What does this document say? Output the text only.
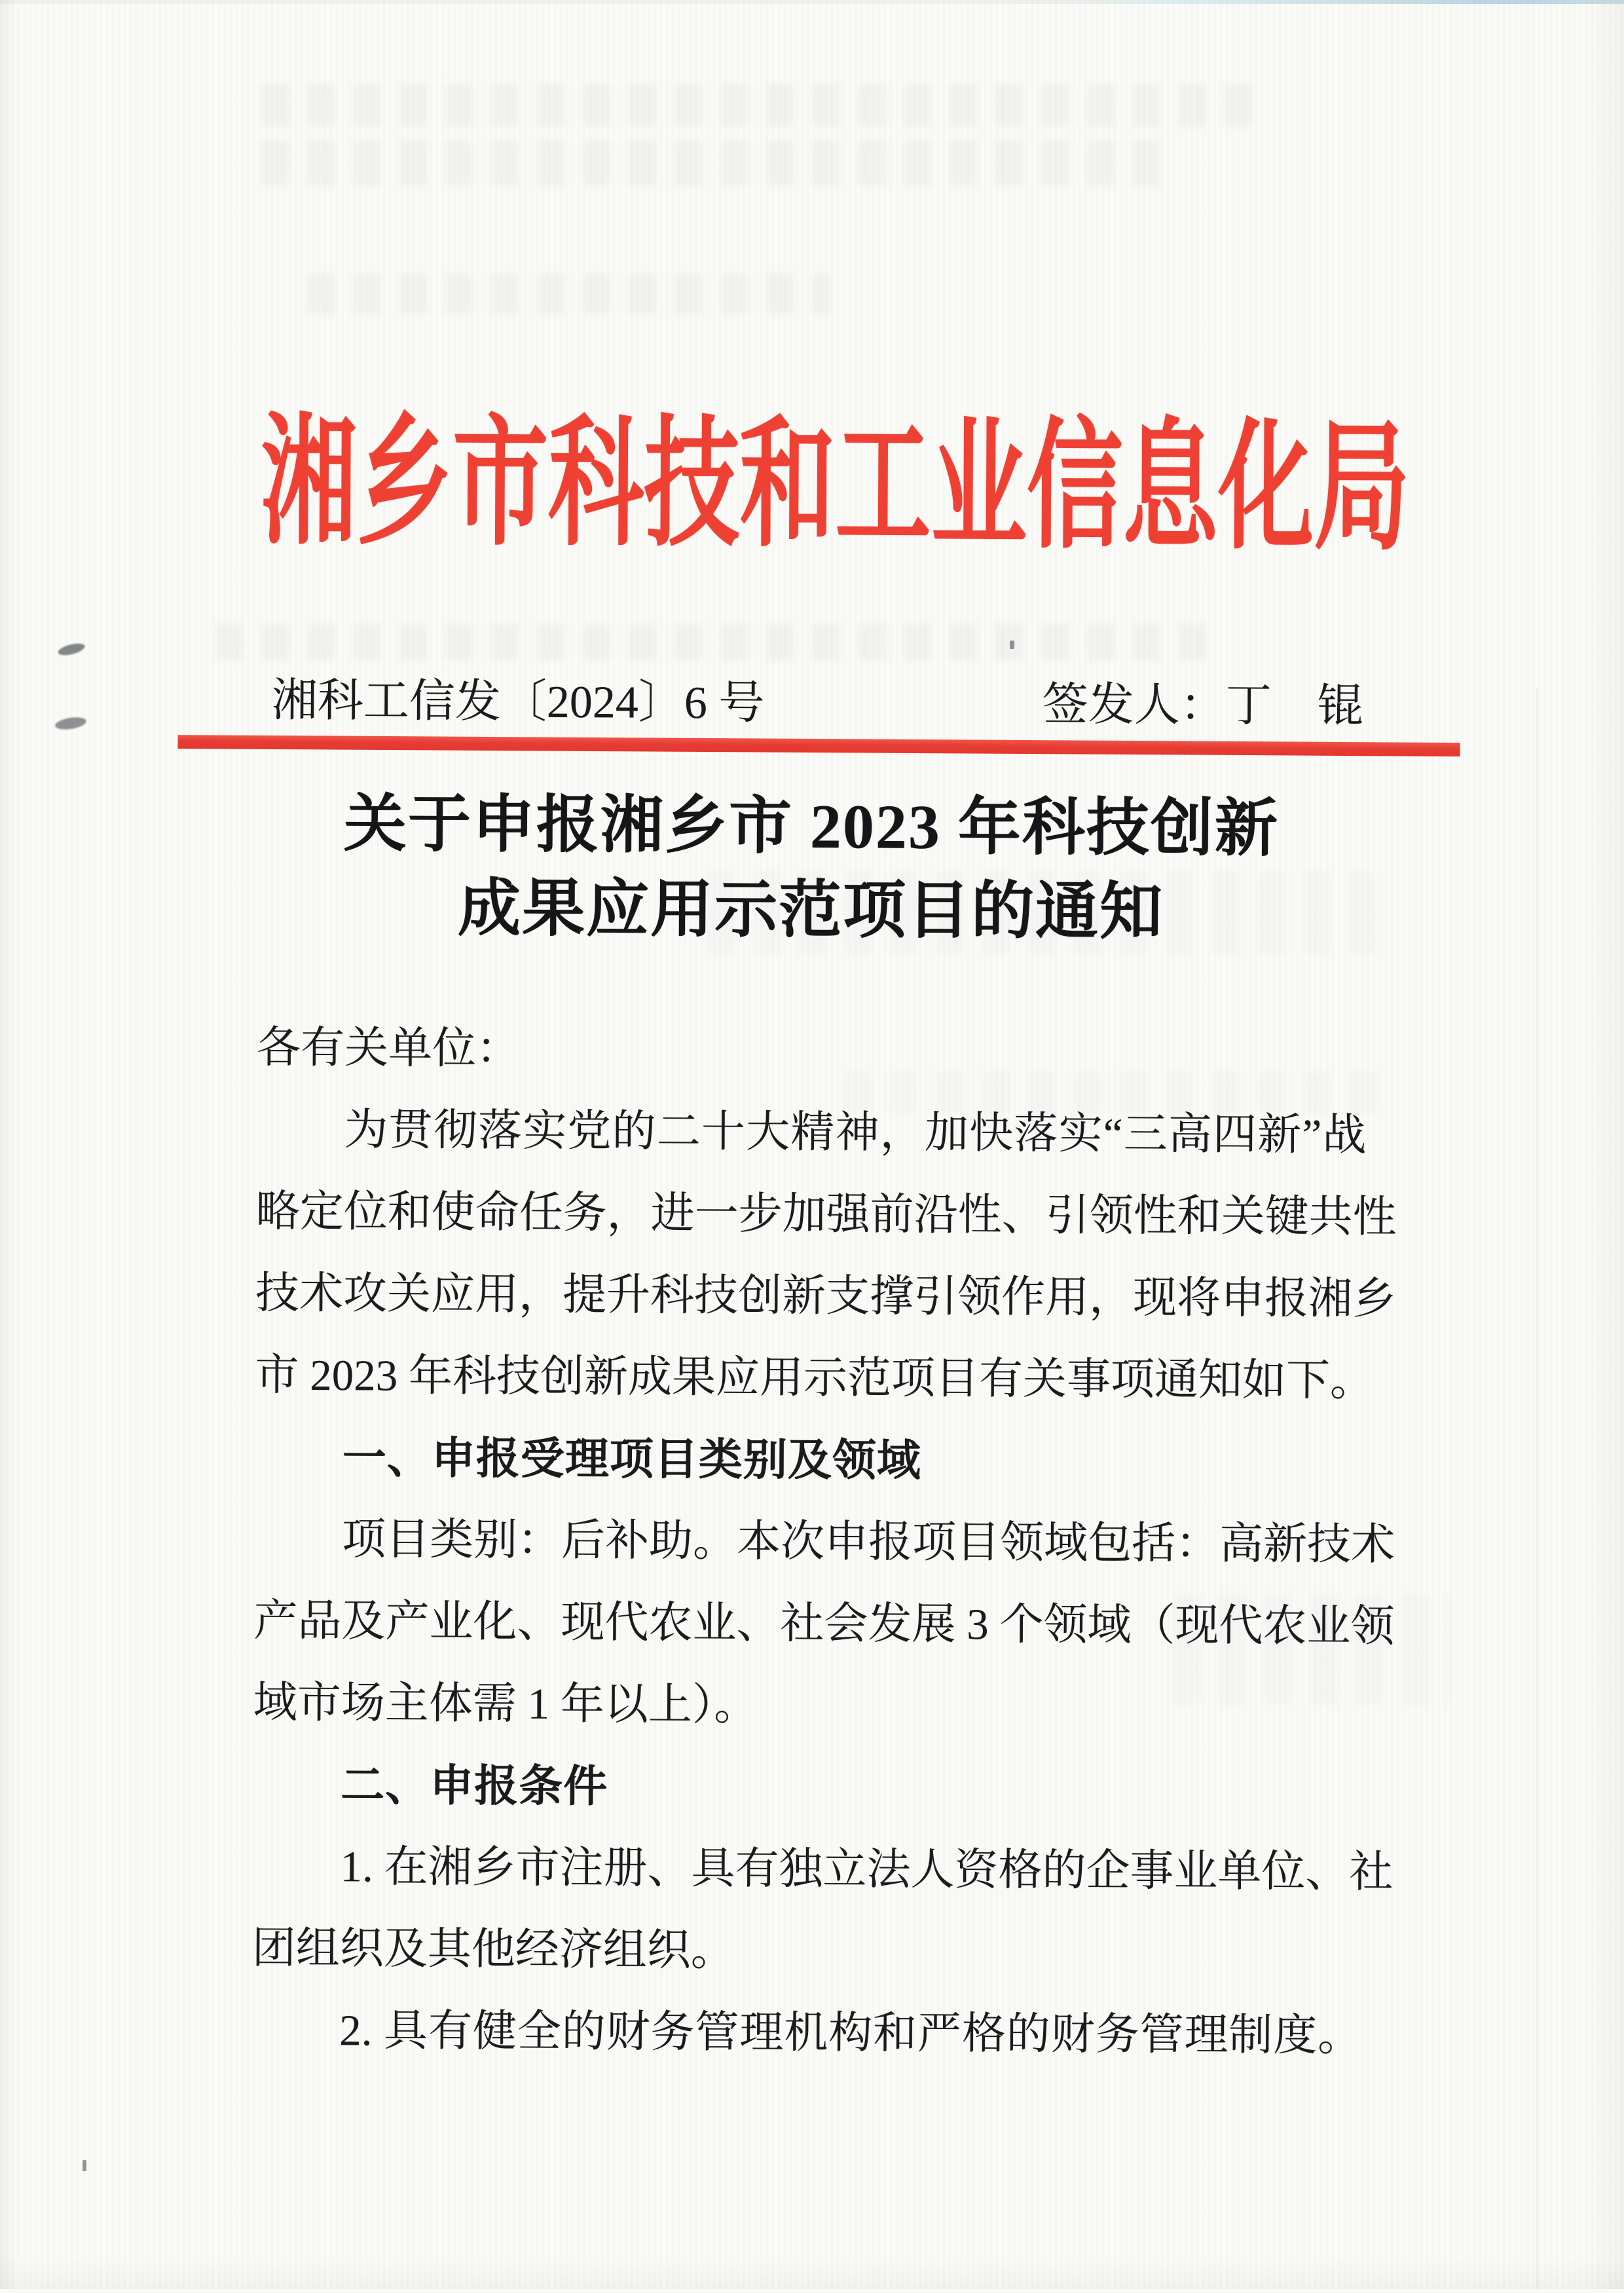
湘乡市科技和工业信息化局
湘科工信发〔2024〕6 号	签发人：丁　锟
关于申报湘乡市 2023 年科技创新
成果应用示范项目的通知
各有关单位：
为贯彻落实党的二十大精神，加快落实“三高四新”战
略定位和使命任务，进一步加强前沿性、引领性和关键共性
技术攻关应用，提升科技创新支撑引领作用，现将申报湘乡
市 2023 年科技创新成果应用示范项目有关事项通知如下。
一、申报受理项目类别及领域
项目类别：后补助。本次申报项目领域包括：高新技术
产品及产业化、现代农业、社会发展 3 个领域（现代农业领
域市场主体需 1 年以上）。
二、申报条件
1. 在湘乡市注册、具有独立法人资格的企事业单位、社
团组织及其他经济组织。
2. 具有健全的财务管理机构和严格的财务管理制度。
